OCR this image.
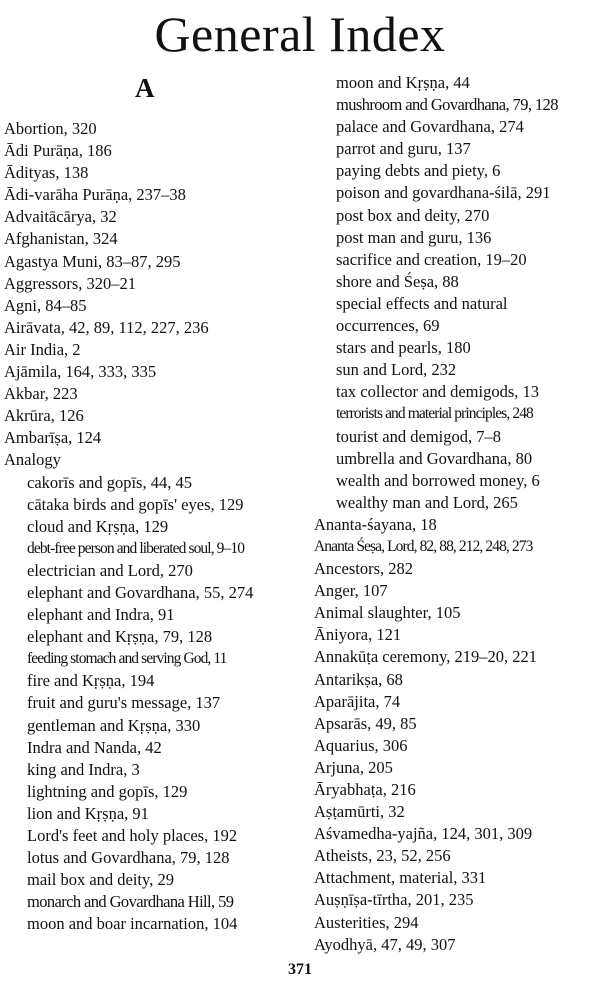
General Index
A
Abortion, 320
Ādi Purāṇa, 186
Ādityas, 138
Ādi-varāha Purāṇa, 237–38
Advaitācārya, 32
Afghanistan, 324
Agastya Muni, 83–87, 295
Aggressors, 320–21
Agni, 84–85
Airāvata, 42, 89, 112, 227, 236
Air India, 2
Ajāmila, 164, 333, 335
Akbar, 223
Akrūra, 126
Ambarīṣa, 124
Analogy
cakorīs and gopīs, 44, 45
cātaka birds and gopīs' eyes, 129
cloud and Kṛṣṇa, 129
debt-free person and liberated soul, 9–10
electrician and Lord, 270
elephant and Govardhana, 55, 274
elephant and Indra, 91
elephant and Kṛṣṇa, 79, 128
feeding stomach and serving God, 11
fire and Kṛṣṇa, 194
fruit and guru's message, 137
gentleman and Kṛṣṇa, 330
Indra and Nanda, 42
king and Indra, 3
lightning and gopīs, 129
lion and Kṛṣṇa, 91
Lord's feet and holy places, 192
lotus and Govardhana, 79, 128
mail box and deity, 29
monarch and Govardhana Hill, 59
moon and boar incarnation, 104
moon and Kṛṣṇa, 44
mushroom and Govardhana, 79, 128
palace and Govardhana, 274
parrot and guru, 137
paying debts and piety, 6
poison and govardhana-śilā, 291
post box and deity, 270
post man and guru, 136
sacrifice and creation, 19–20
shore and Śeṣa, 88
special effects and natural
occurrences, 69
stars and pearls, 180
sun and Lord, 232
tax collector and demigods, 13
terrorists and material principles, 248
tourist and demigod, 7–8
umbrella and Govardhana, 80
wealth and borrowed money, 6
wealthy man and Lord, 265
Ananta-śayana, 18
Ananta Śeṣa, Lord, 82, 88, 212, 248, 273
Ancestors, 282
Anger, 107
Animal slaughter, 105
Āniyora, 121
Annakūṭa ceremony, 219–20, 221
Antarikṣa, 68
Aparājita, 74
Apsarās, 49, 85
Aquarius, 306
Arjuna, 205
Āryabhaṭa, 216
Aṣṭamūrti, 32
Aśvamedha-yajña, 124, 301, 309
Atheists, 23, 52, 256
Attachment, material, 331
Auṣṇīṣa-tīrtha, 201, 235
Austerities, 294
Ayodhyā, 47, 49, 307
371
